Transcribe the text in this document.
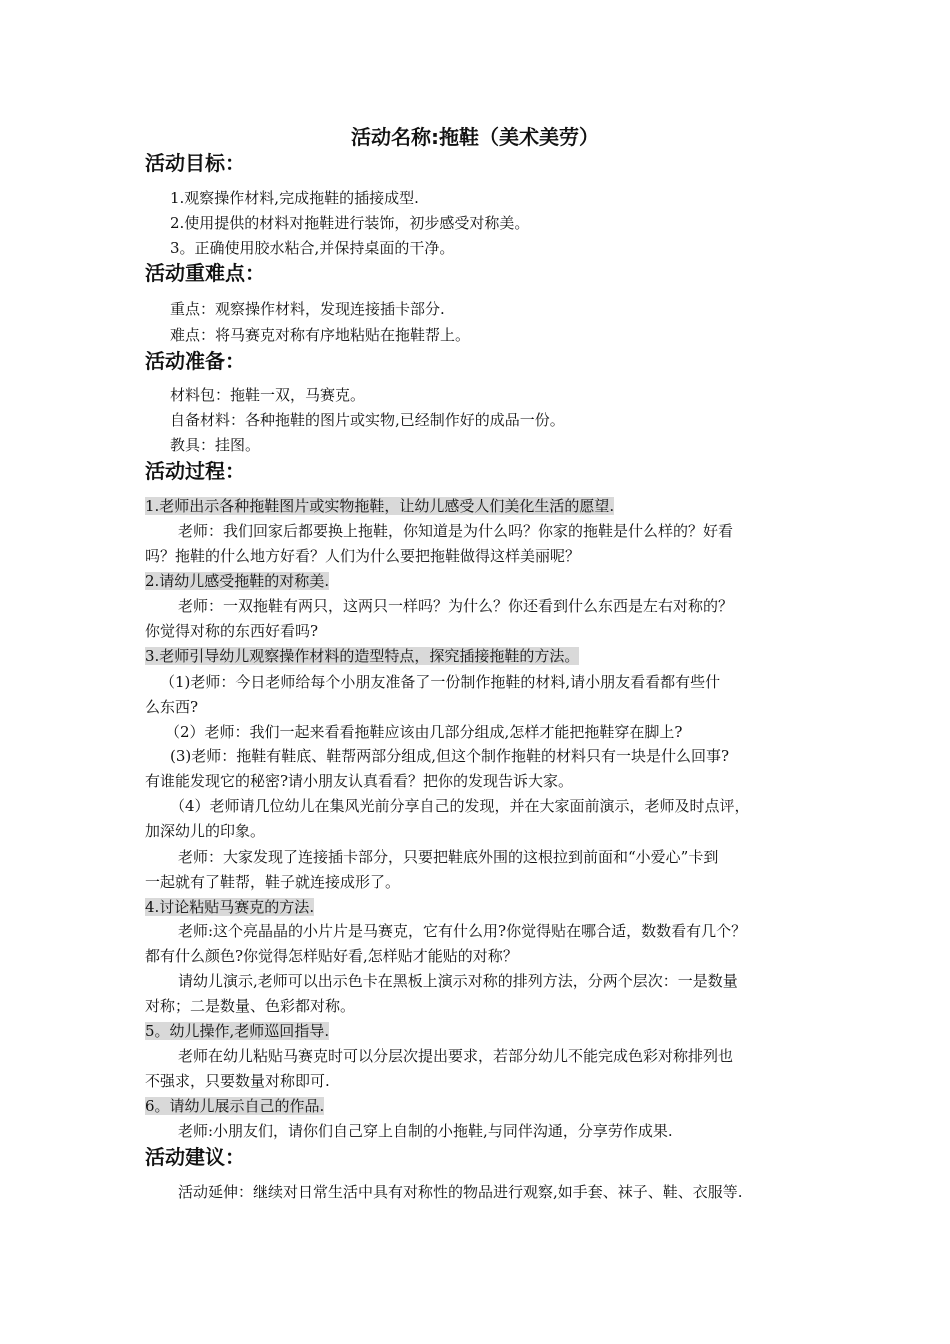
活动名称:拖鞋（美术美劳）
活动目标：
1.观察操作材料,完成拖鞋的插接成型.
2.使用提供的材料对拖鞋进行装饰，初步感受对称美。
3。正确使用胶水粘合,并保持桌面的干净。
活动重难点：
重点：观察操作材料，发现连接插卡部分.
难点：将马赛克对称有序地粘贴在拖鞋帮上。
活动准备：
材料包：拖鞋一双，马赛克。
自备材料：各种拖鞋的图片或实物,已经制作好的成品一份。
教具：挂图。
活动过程：
1.老师出示各种拖鞋图片或实物拖鞋，让幼儿感受人们美化生活的愿望.
老师：我们回家后都要换上拖鞋，你知道是为什么吗？你家的拖鞋是什么样的？好看
吗？拖鞋的什么地方好看？人们为什么要把拖鞋做得这样美丽呢？
2.请幼儿感受拖鞋的对称美.
老师：一双拖鞋有两只，这两只一样吗？为什么？你还看到什么东西是左右对称的？
你觉得对称的东西好看吗?
3.老师引导幼儿观察操作材料的造型特点，探究插接拖鞋的方法。
（1)老师：今日老师给每个小朋友准备了一份制作拖鞋的材料,请小朋友看看都有些什
么东西?
（2）老师：我们一起来看看拖鞋应该由几部分组成,怎样才能把拖鞋穿在脚上?
(3)老师：拖鞋有鞋底、鞋帮两部分组成,但这个制作拖鞋的材料只有一块是什么回事?
有谁能发现它的秘密?请小朋友认真看看？把你的发现告诉大家。
（4）老师请几位幼儿在集风光前分享自己的发现，并在大家面前演示，老师及时点评，
加深幼儿的印象。
老师：大家发现了连接插卡部分，只要把鞋底外围的这根拉到前面和“小爱心”卡到
一起就有了鞋帮，鞋子就连接成形了。
4.讨论粘贴马赛克的方法.
老师:这个亮晶晶的小片片是马赛克，它有什么用?你觉得贴在哪合适，数数看有几个？
都有什么颜色?你觉得怎样贴好看,怎样贴才能贴的对称？
请幼儿演示,老师可以出示色卡在黑板上演示对称的排列方法，分两个层次：一是数量
对称；二是数量、色彩都对称。
5。幼儿操作,老师巡回指导.
老师在幼儿粘贴马赛克时可以分层次提出要求，若部分幼儿不能完成色彩对称排列也
不强求，只要数量对称即可.
6。请幼儿展示自己的作品.
老师:小朋友们，请你们自己穿上自制的小拖鞋,与同伴沟通，分享劳作成果.
活动建议：
活动延伸：继续对日常生活中具有对称性的物品进行观察,如手套、袜子、鞋、衣服等.
